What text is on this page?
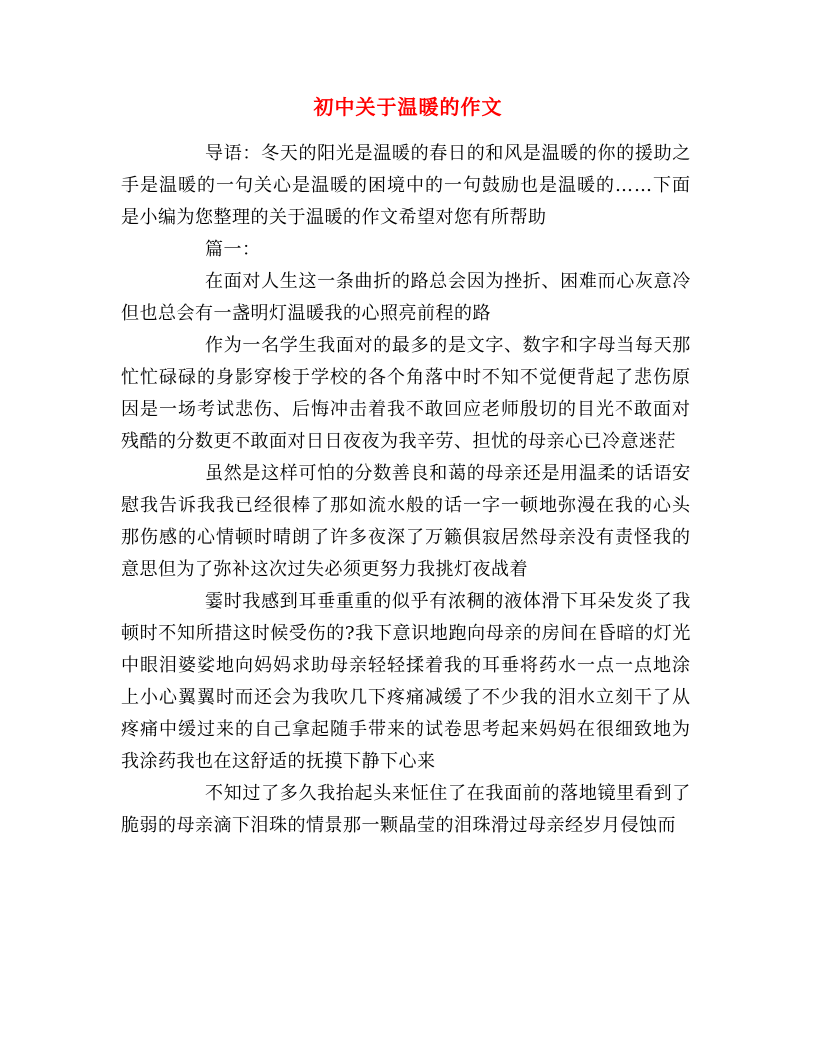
初中关于温暖的作文

导语：冬天的阳光是温暖的春日的和风是温暖的你的援助之
手是温暖的一句关心是温暖的困境中的一句鼓励也是温暖的……下面
是小编为您整理的关于温暖的作文希望对您有所帮助

篇一：

在面对人生这一条曲折的路总会因为挫折、困难而心灰意冷
但也总会有一盏明灯温暖我的心照亮前程的路

作为一名学生我面对的最多的是文字、数字和字母当每天那
忙忙碌碌的身影穿梭于学校的各个角落中时不知不觉便背起了悲伤原
因是一场考试悲伤、后悔冲击着我不敢回应老师殷切的目光不敢面对
残酷的分数更不敢面对日日夜夜为我辛劳、担忧的母亲心已冷意迷茫

虽然是这样可怕的分数善良和蔼的母亲还是用温柔的话语安
慰我告诉我我已经很棒了那如流水般的话一字一顿地弥漫在我的心头
那伤感的心情顿时晴朗了许多夜深了万籁俱寂居然母亲没有责怪我的
意思但为了弥补这次过失必须更努力我挑灯夜战着

霎时我感到耳垂重重的似乎有浓稠的液体滑下耳朵发炎了我
顿时不知所措这时候受伤的?我下意识地跑向母亲的房间在昏暗的灯光
中眼泪婆娑地向妈妈求助母亲轻轻揉着我的耳垂将药水一点一点地涂
上小心翼翼时而还会为我吹几下疼痛减缓了不少我的泪水立刻干了从
疼痛中缓过来的自己拿起随手带来的试卷思考起来妈妈在很细致地为
我涂药我也在这舒适的抚摸下静下心来

不知过了多久我抬起头来怔住了在我面前的落地镜里看到了
脆弱的母亲滴下泪珠的情景那一颗晶莹的泪珠滑过母亲经岁月侵蚀而
